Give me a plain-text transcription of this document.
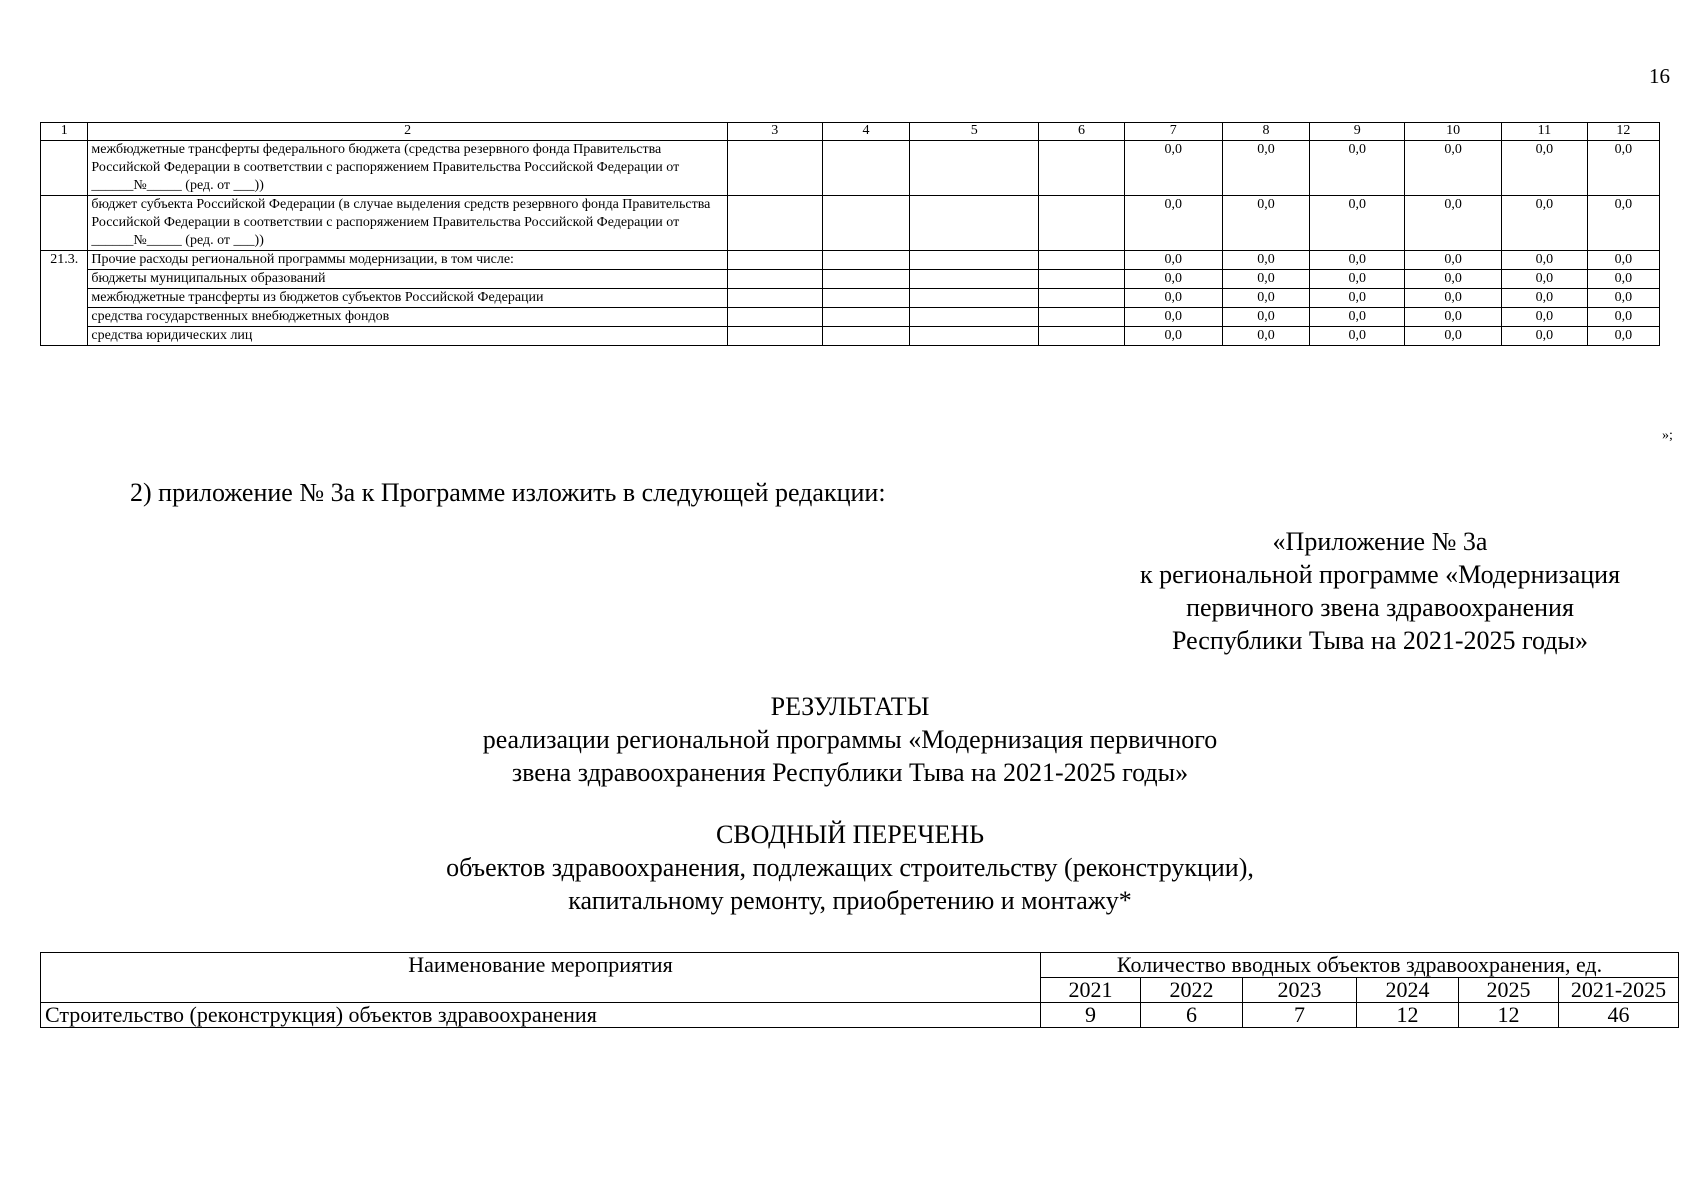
16
1	2	3	4	5	6	7	8	9	10	11	12
	межбюджетные трансферты федерального бюджета (средства резервного фонда Правительства Российской Федерации в соответствии с распоряжением Правительства Российской Федерации от ______№_____ (ред. от ___))					0,0	0,0	0,0	0,0	0,0	0,0
	бюджет субъекта Российской Федерации (в случае выделения средств резервного фонда Правительства Российской Федерации в соответствии с распоряжением Правительства Российской Федерации от ______№_____ (ред. от ___))					0,0	0,0	0,0	0,0	0,0	0,0
21.3.	Прочие расходы региональной программы модернизации, в том числе:					0,0	0,0	0,0	0,0	0,0	0,0
	бюджеты муниципальных образований					0,0	0,0	0,0	0,0	0,0	0,0
	межбюджетные трансферты из бюджетов субъектов Российской Федерации					0,0	0,0	0,0	0,0	0,0	0,0
	средства государственных внебюджетных фондов					0,0	0,0	0,0	0,0	0,0	0,0
	средства юридических лиц					0,0	0,0	0,0	0,0	0,0	0,0
»;
2) приложение № 3а к Программе изложить в следующей редакции:
«Приложение № 3а
к региональной программе «Модернизация
первичного звена здравоохранения
Республики Тыва на 2021-2025 годы»
РЕЗУЛЬТАТЫ
реализации региональной программы «Модернизация первичного
звена здравоохранения Республики Тыва на 2021-2025 годы»
СВОДНЫЙ ПЕРЕЧЕНЬ
объектов здравоохранения, подлежащих строительству (реконструкции),
капитальному ремонту, приобретению и монтажу*
Наименование мероприятия	Количество вводных объектов здравоохранения, ед.					
	2021	2022	2023	2024	2025	2021-2025
Строительство (реконструкция) объектов здравоохранения	9	6	7	12	12	46
